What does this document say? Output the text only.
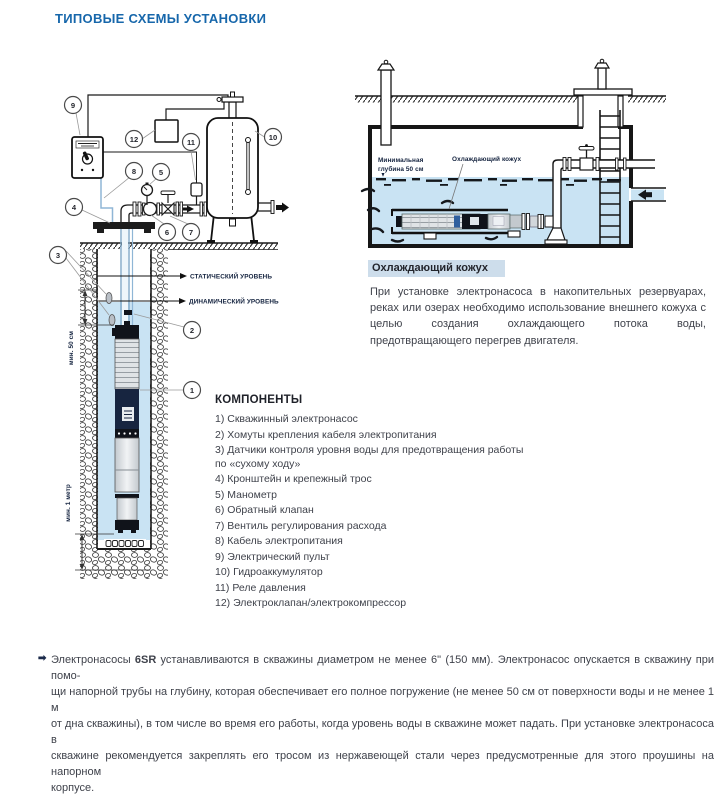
ТИПОВЫЕ СХЕМЫ УСТАНОВКИ
СТАТИЧЕСКИЙ УРОВЕНЬ
ДИНАМИЧЕСКИЙ УРОВЕНЬ
мин. 50 см
мин. 1 метр
1
2
3
4
5
6	7
8
9
10
11
12
Минимальная
глубина 50 см
Охлаждающий кожух
Охлаждающий кожух
При установке электронасоса в накопительных резервуарах, реках или озерах необходимо использование внешнего кожуха с целью создания охлаждающего потока воды, предотвращающего перегрев двигателя.
КОМПОНЕНТЫ
1) Скважинный электронасос
2) Хомуты крепления кабеля электропитания
3) Датчики контроля уровня воды для предотвращения работы по «сухому ходу»
4) Кронштейн и крепежный трос
5) Манометр
6) Обратный клапан
7) Вентиль регулирования расхода
8) Кабель электропитания
9) Электрический пульт
10) Гидроаккумулятор
11) Реле давления
12) Электроклапан/электрокомпрессор
➡ Электронасосы 6SR устанавливаются в скважины диаметром не менее 6" (150 мм). Электронасос опускается в скважину при помо-
щи напорной трубы на глубину, которая обеспечивает его полное погружение (не менее 50 см от поверхности воды и не менее 1 м
от дна скважины), в том числе во время его работы, когда уровень воды в скважине может падать. При установке электронасоса в
скважине рекомендуется закреплять его тросом из нержавеющей стали через предусмотренные для этого проушины на напорном
корпусе.
